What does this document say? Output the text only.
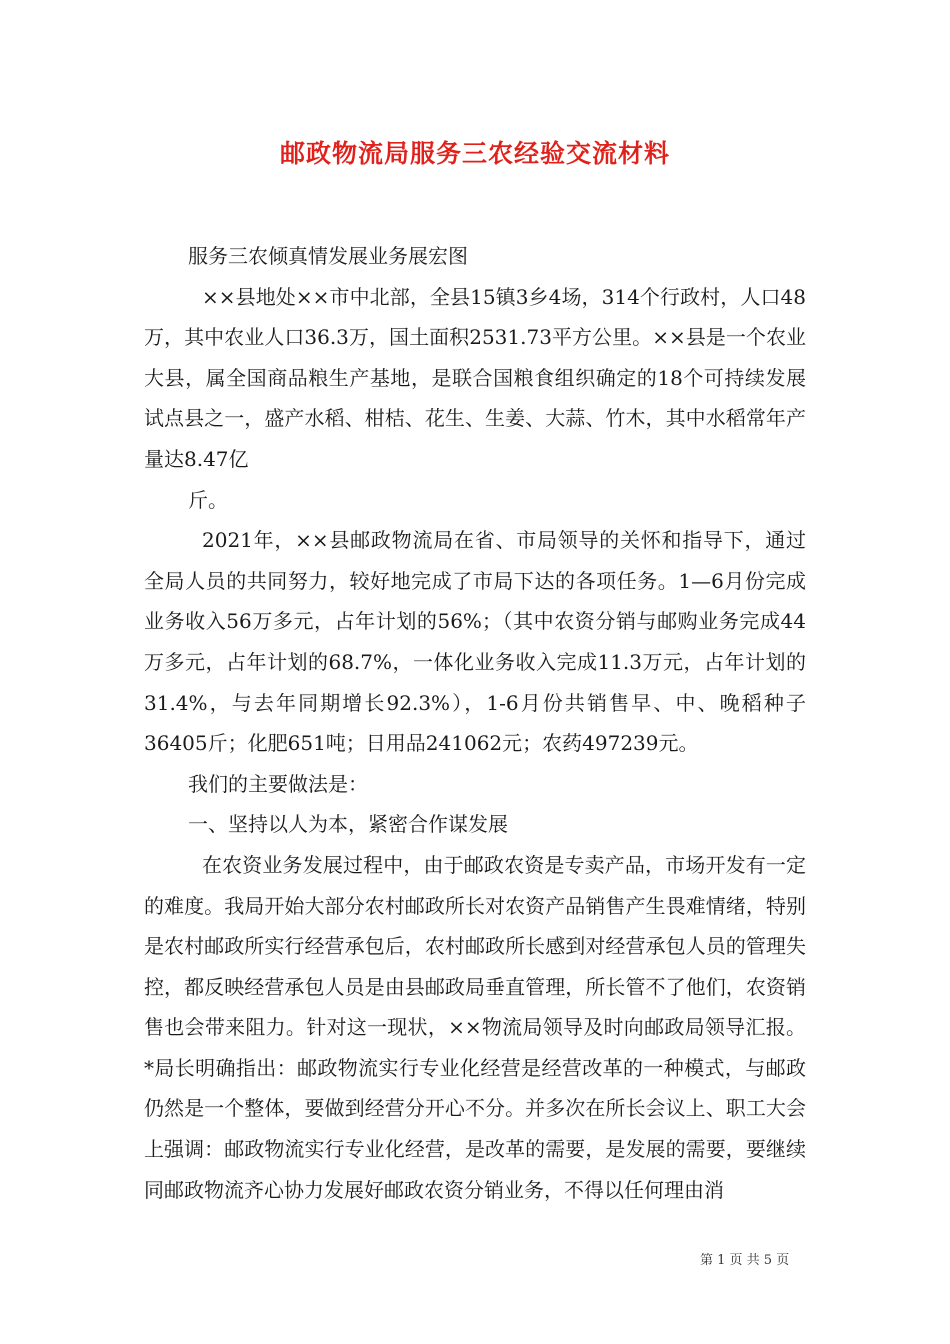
邮政物流局服务三农经验交流材料

服务三农倾真情发展业务展宏图

××县地处××市中北部，全县15镇3乡4场，314个行政村，人口48万，其中农业人口36.3万，国土面积2531.73平方公里。××县是一个农业大县，属全国商品粮生产基地，是联合国粮食组织确定的18个可持续发展试点县之一，盛产水稻、柑桔、花生、生姜、大蒜、竹木，其中水稻常年产量达8.47亿

斤。

2021年，××县邮政物流局在省、市局领导的关怀和指导下，通过全局人员的共同努力，较好地完成了市局下达的各项任务。1—6月份完成业务收入56万多元，占年计划的56%；（其中农资分销与邮购业务完成44万多元，占年计划的68.7%，一体化业务收入完成11.3万元，占年计划的31.4%，与去年同期增长92.3%），1-6月份共销售早、中、晚稻种子36405斤；化肥651吨；日用品241062元；农药497239元。

我们的主要做法是：

一、坚持以人为本，紧密合作谋发展

在农资业务发展过程中，由于邮政农资是专卖产品，市场开发有一定的难度。我局开始大部分农村邮政所长对农资产品销售产生畏难情绪，特别是农村邮政所实行经营承包后，农村邮政所长感到对经营承包人员的管理失控，都反映经营承包人员是由县邮政局垂直管理，所长管不了他们，农资销售也会带来阻力。针对这一现状，××物流局领导及时向邮政局领导汇报。*局长明确指出：邮政物流实行专业化经营是经营改革的一种模式，与邮政仍然是一个整体，要做到经营分开心不分。并多次在所长会议上、职工大会上强调：邮政物流实行专业化经营，是改革的需要，是发展的需要，要继续同邮政物流齐心协力发展好邮政农资分销业务，不得以任何理由消

第 1 页 共 5 页
